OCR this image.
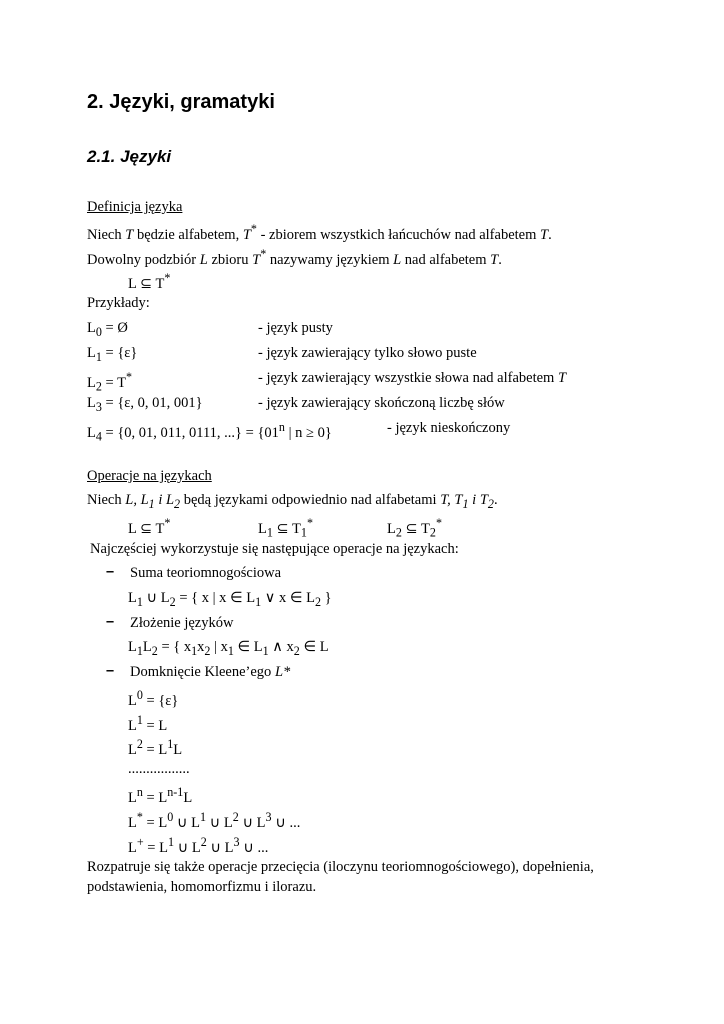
2. Języki, gramatyki
2.1. Języki
Definicja języka
Niech T będzie alfabetem, T* - zbiorem wszystkich łańcuchów nad alfabetem T.
Dowolny podzbiór L zbioru T* nazywamy językiem L nad alfabetem T.
L ⊆ T*
Przykłady:
$L_0$ = Ø	- język pusty
$L_1 = \{\varepsilon\}$	- język zawierający tylko słowo puste
$L_2 = T^*$	- język zawierający wszystkie słowa nad alfabetem T
$L_3 = \{\varepsilon$, 0, 01, 001}	- język zawierający skończoną liczbę słów
$L_4 = \{0$, 01, 011, 0111, ...} = {$01^n$ | n ≥ 0}	- język nieskończony
Operacje na językach
Niech L, $L_1$ i $L_2$ będą językami odpowiednio nad alfabetami T, $T_1$ i $T_2$.
L ⊆ T*	$L_1$ ⊆ $T_1^*$	$L_2$ ⊆ $T_2^*$
Najczęściej wykorzystuje się następujące operacje na językach:
– Suma teoriomnogościowa
$L_1$ ∪ $L_2$ = { x | x ∈ $L_1$ ∨ x ∈ $L_2$ }
– Złożenie języków
$L_1L_2$ = { $x_1x_2$ | $x_1$ ∈ $L_1$ ∧ $x_2$ ∈ L
– Domknięcie Kleene’ego L*
$L^0 = \{\varepsilon\}$
$L^1 = L$
$L^2 = L^1L$
.................
$L^n = L^{n-1}L$
$L^* = L^0$ ∪ $L^1$ ∪ $L^2$ ∪ $L^3$ ∪ ...
$L^+ = L^1$ ∪ $L^2$ ∪ $L^3$ ∪ ...
Rozpatruje się także operacje przecięcia (iloczynu teoriomnogościowego), dopełnienia,
podstawienia, homomorfizmu i ilorazu.
